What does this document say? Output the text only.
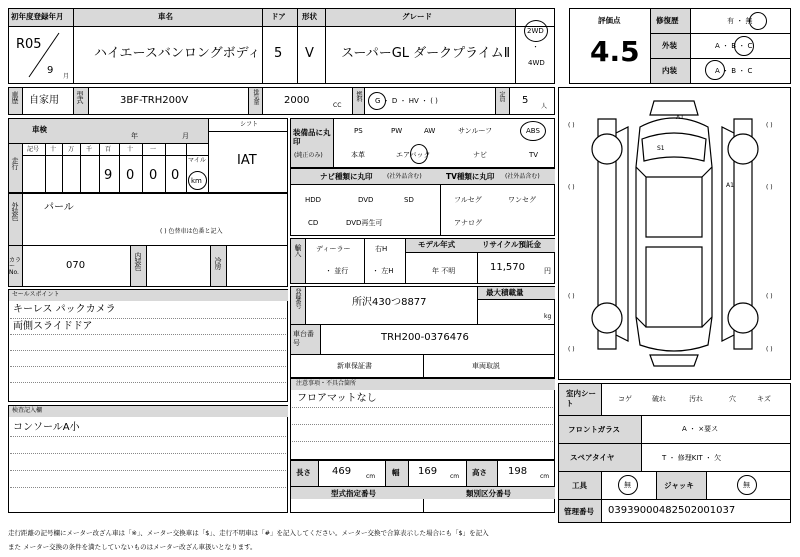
初年度登録年月	車名	ドア 形状	グレード
R05
9
月
ハイエースバンロングボディ 5 V スーパーGL ダークプライムⅡ
2WD
・
4WD
車歴 自家用 型式	3BF-TRH200V	排気量	2000	CC
燃料 G ・ D ・ HV ・ ( )	定員 5
人
評価点
4.5
修復歴	有 ・ 無
外装	A ・ B ・ C
内装	A ・ B ・ C
車検
年	月
シフト
IAT
走行
記号 十 万 千 百	十	一
マイル
9 0 0 0 km
装備品に丸印
(純正のみ)
PS	PW	AW	サンルーフ	ABS
本革	エアバック	ナビ	TV
ナビ種類に丸印 (社外品含む)	TV種類に丸印 (社外品含む)
HDD	DVD	SD
CD	DVD再生可
フルセグ	ワンセグ
アナログ
外装色	パール
( ) 色替車は色番と記入
カラーNo.
070	内装色	冷房
輸入 ディーラー
・ 並行
右H
・ 左H
モデル年式
年 不明
リサイクル預託金
11,570	円
セールスポイント
キーレス パックカメラ
両側スライドドア
登録番号	所沢430つ8877
最大積載量
kg
車台番号
TRH200-0376476
新車保証書	車両取説
注意事項・不具合箇所
フロアマットなし
検査記入欄
コンソールA小
長さ 469 cm 幅 169 cm 高さ 198 cm
型式指定番号	類別区分番号
A1
S1
A1
( )	( )
( )	( )
( )	( )
( )	( )
室内シート	コゲ	破れ	汚れ	穴	キズ
フロントガラス	A ・ ×要ス
スペアタイヤ	T ・ 修理KIT ・ 欠
工具	無	ジャッキ	無
管理番号 03939000482502001037
走行距離の記号欄にメーター改ざん車は「※」、メーター交換車は「$」、走行不明車は「#」を記入してください。メーター交換で合算表示した場合にも「$」を記入
また メーター交換の条件を満たしていないものはメーター改ざん車扱いとなります。
